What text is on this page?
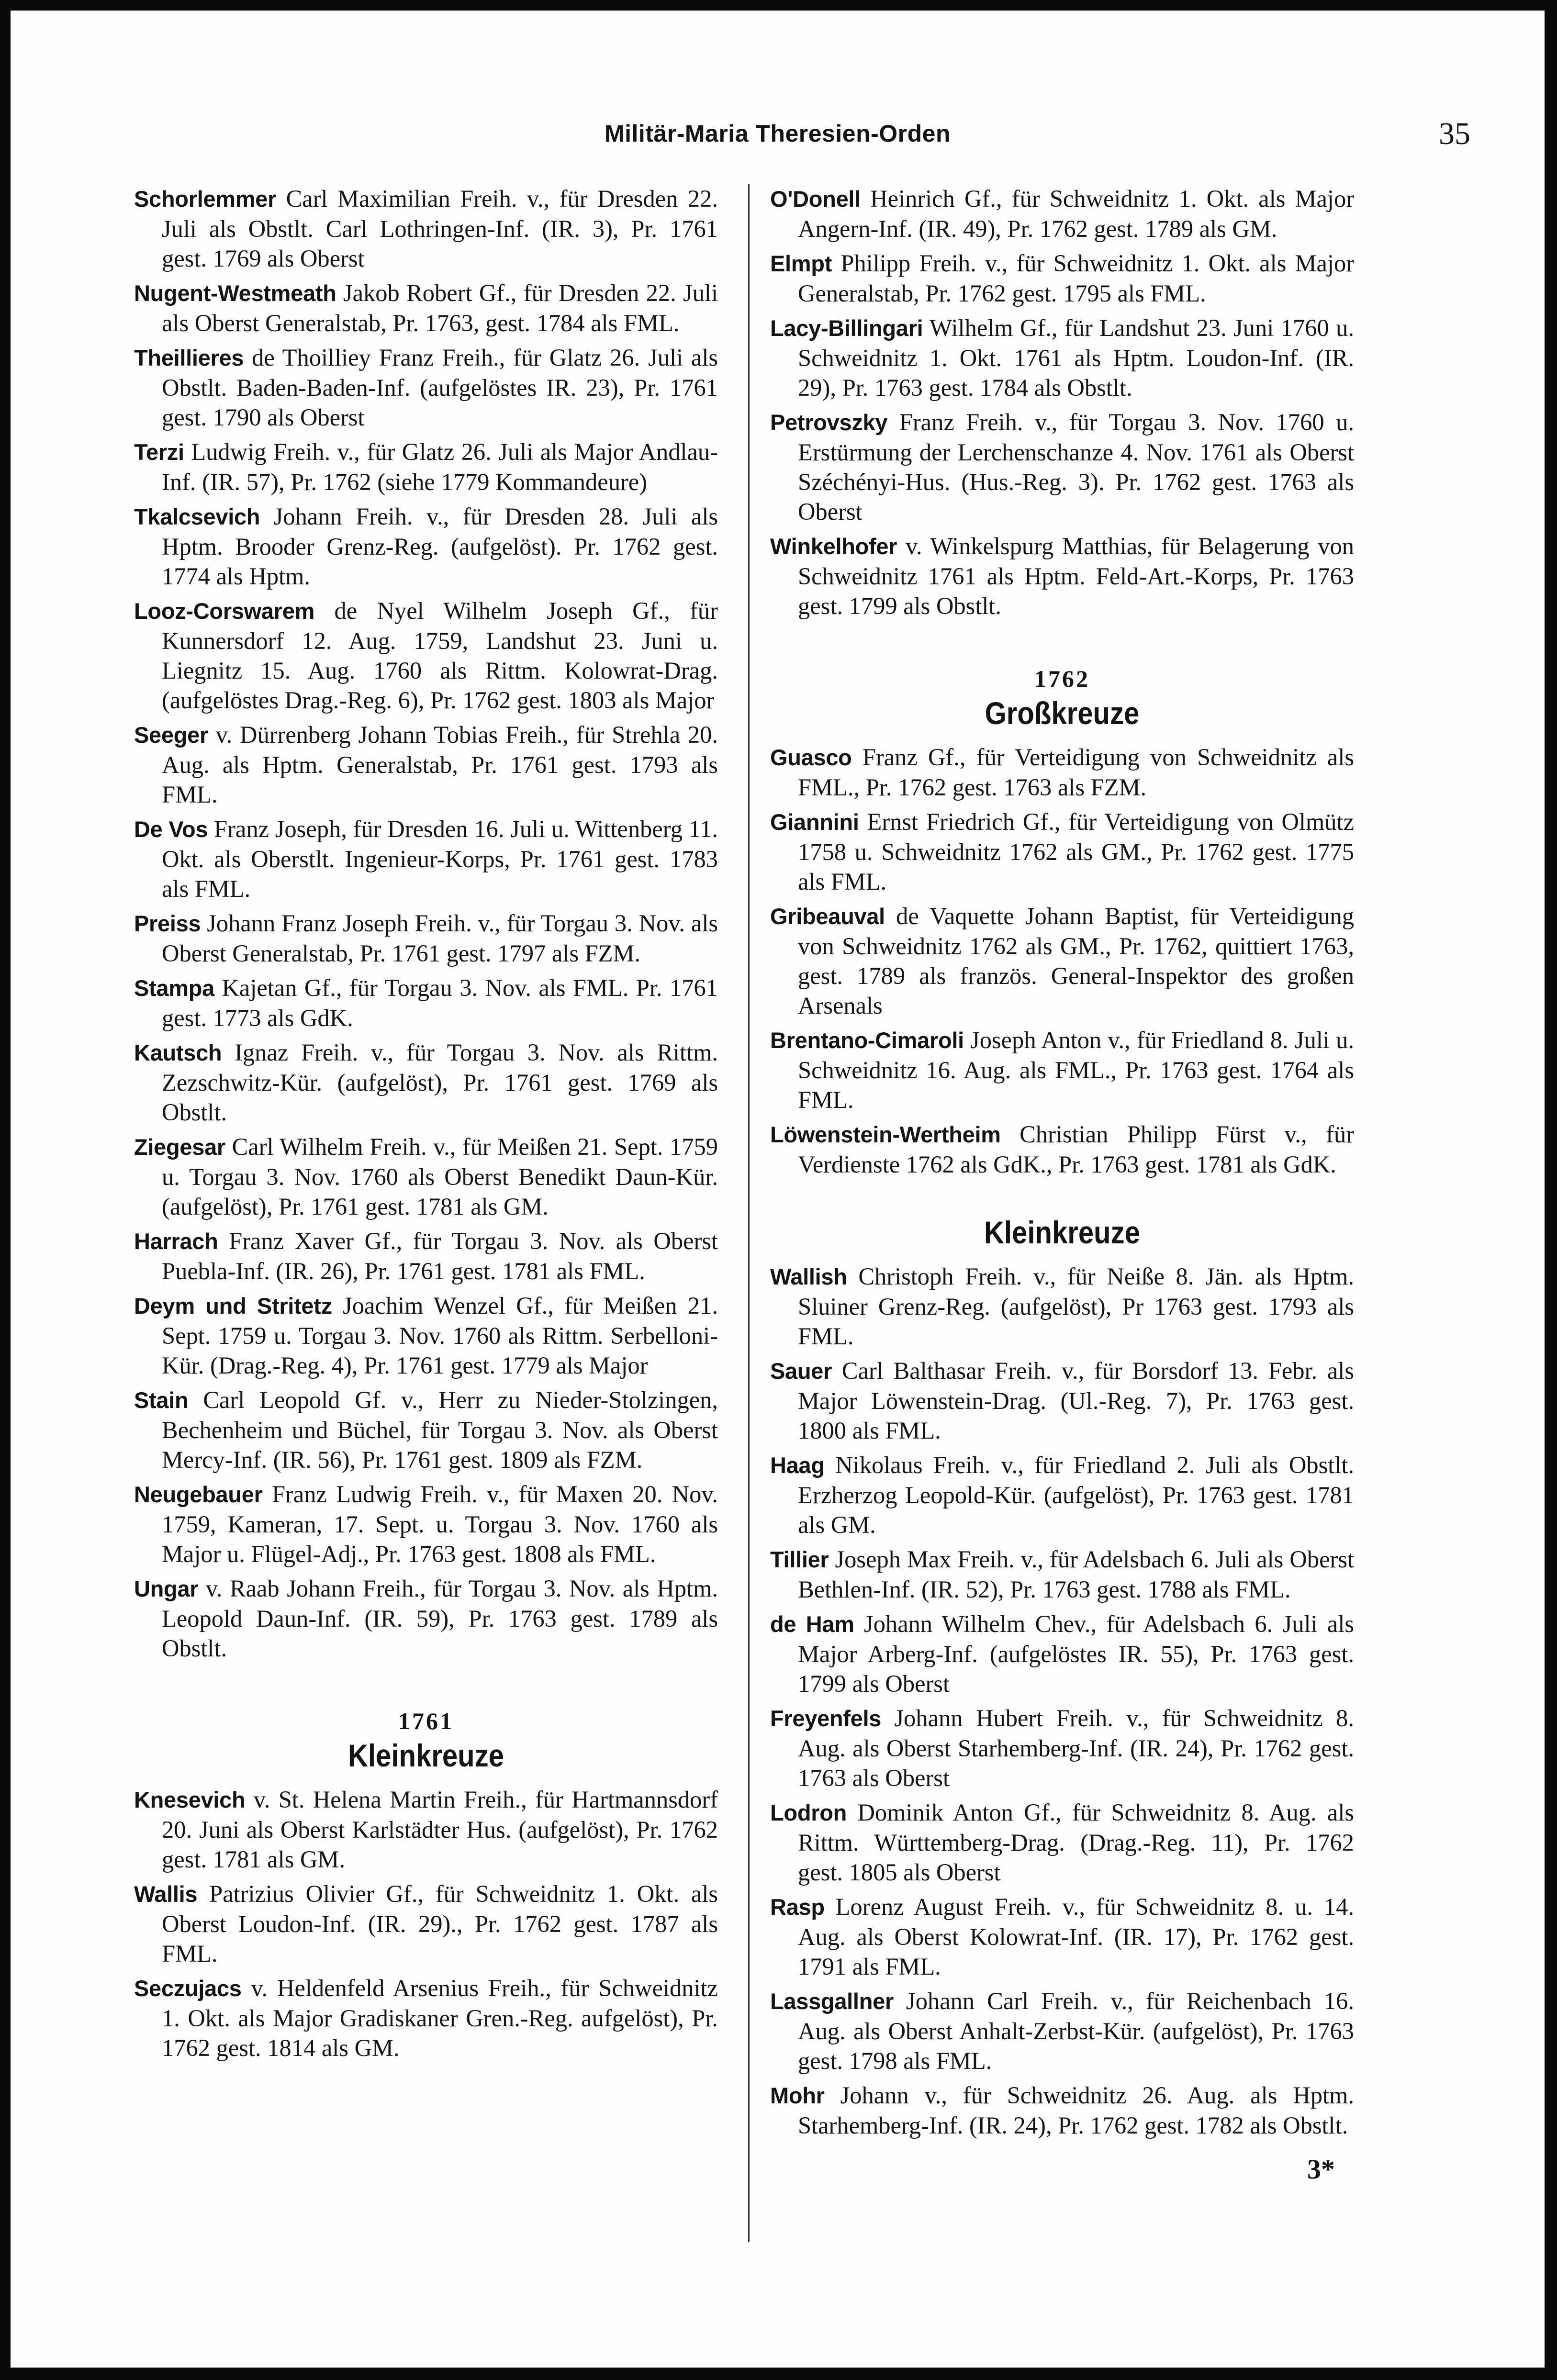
Militär-Maria Theresien-Orden	35

Schorlemmer Carl Maximilian Freih. v., für Dresden 22. Juli als Obstlt. Carl Lothringen-Inf. (IR. 3), Pr. 1761 gest. 1769 als Oberst

Nugent-Westmeath Jakob Robert Gf., für Dresden 22. Juli als Oberst Generalstab, Pr. 1763, gest. 1784 als FML.

Theillieres de Thoilliey Franz Freih., für Glatz 26. Juli als Obstlt. Baden-Baden-Inf. (aufgelöstes IR. 23), Pr. 1761 gest. 1790 als Oberst

Terzi Ludwig Freih. v., für Glatz 26. Juli als Major Andlau-Inf. (IR. 57), Pr. 1762 (siehe 1779 Kommandeure)

Tkalcsevich Johann Freih. v., für Dresden 28. Juli als Hptm. Brooder Grenz-Reg. (aufgelöst). Pr. 1762 gest. 1774 als Hptm.

Looz-Corswarem de Nyel Wilhelm Joseph Gf., für Kunnersdorf 12. Aug. 1759, Landshut 23. Juni u. Liegnitz 15. Aug. 1760 als Rittm. Kolowrat-Drag. (aufgelöstes Drag.-Reg. 6), Pr. 1762 gest. 1803 als Major

Seeger v. Dürrenberg Johann Tobias Freih., für Strehla 20. Aug. als Hptm. Generalstab, Pr. 1761 gest. 1793 als FML.

De Vos Franz Joseph, für Dresden 16. Juli u. Wittenberg 11. Okt. als Oberstlt. Ingenieur-Korps, Pr. 1761 gest. 1783 als FML.

Preiss Johann Franz Joseph Freih. v., für Torgau 3. Nov. als Oberst Generalstab, Pr. 1761 gest. 1797 als FZM.

Stampa Kajetan Gf., für Torgau 3. Nov. als FML. Pr. 1761 gest. 1773 als GdK.

Kautsch Ignaz Freih. v., für Torgau 3. Nov. als Rittm. Zezschwitz-Kür. (aufgelöst), Pr. 1761 gest. 1769 als Obstlt.

Ziegesar Carl Wilhelm Freih. v., für Meißen 21. Sept. 1759 u. Torgau 3. Nov. 1760 als Oberst Benedikt Daun-Kür. (aufgelöst), Pr. 1761 gest. 1781 als GM.

Harrach Franz Xaver Gf., für Torgau 3. Nov. als Oberst Puebla-Inf. (IR. 26), Pr. 1761 gest. 1781 als FML.

Deym und Stritetz Joachim Wenzel Gf., für Meißen 21. Sept. 1759 u. Torgau 3. Nov. 1760 als Rittm. Serbelloni-Kür. (Drag.-Reg. 4), Pr. 1761 gest. 1779 als Major

Stain Carl Leopold Gf. v., Herr zu Nieder-Stolzingen, Bechenheim und Büchel, für Torgau 3. Nov. als Oberst Mercy-Inf. (IR. 56), Pr. 1761 gest. 1809 als FZM.

Neugebauer Franz Ludwig Freih. v., für Maxen 20. Nov. 1759, Kameran, 17. Sept. u. Torgau 3. Nov. 1760 als Major u. Flügel-Adj., Pr. 1763 gest. 1808 als FML.

Ungar v. Raab Johann Freih., für Torgau 3. Nov. als Hptm. Leopold Daun-Inf. (IR. 59), Pr. 1763 gest. 1789 als Obstlt.

1761
Kleinkreuze

Knesevich v. St. Helena Martin Freih., für Hartmannsdorf 20. Juni als Oberst Karlstädter Hus. (aufgelöst), Pr. 1762 gest. 1781 als GM.

Wallis Patrizius Olivier Gf., für Schweidnitz 1. Okt. als Oberst Loudon-Inf. (IR. 29)., Pr. 1762 gest. 1787 als FML.

Seczujacs v. Heldenfeld Arsenius Freih., für Schweidnitz 1. Okt. als Major Gradiskaner Gren.-Reg. aufgelöst), Pr. 1762 gest. 1814 als GM.

O'Donell Heinrich Gf., für Schweidnitz 1. Okt. als Major Angern-Inf. (IR. 49), Pr. 1762 gest. 1789 als GM.

Elmpt Philipp Freih. v., für Schweidnitz 1. Okt. als Major Generalstab, Pr. 1762 gest. 1795 als FML.

Lacy-Billingari Wilhelm Gf., für Landshut 23. Juni 1760 u. Schweidnitz 1. Okt. 1761 als Hptm. Loudon-Inf. (IR. 29), Pr. 1763 gest. 1784 als Obstlt.

Petrovszky Franz Freih. v., für Torgau 3. Nov. 1760 u. Erstürmung der Lerchenschanze 4. Nov. 1761 als Oberst Széchényi-Hus. (Hus.-Reg. 3). Pr. 1762 gest. 1763 als Oberst

Winkelhofer v. Winkelspurg Matthias, für Belagerung von Schweidnitz 1761 als Hptm. Feld-Art.-Korps, Pr. 1763 gest. 1799 als Obstlt.

1762
Großkreuze

Guasco Franz Gf., für Verteidigung von Schweidnitz als FML., Pr. 1762 gest. 1763 als FZM.

Giannini Ernst Friedrich Gf., für Verteidigung von Olmütz 1758 u. Schweidnitz 1762 als GM., Pr. 1762 gest. 1775 als FML.

Gribeauval de Vaquette Johann Baptist, für Verteidigung von Schweidnitz 1762 als GM., Pr. 1762, quittiert 1763, gest. 1789 als französ. General-Inspektor des großen Arsenals

Brentano-Cimaroli Joseph Anton v., für Friedland 8. Juli u. Schweidnitz 16. Aug. als FML., Pr. 1763 gest. 1764 als FML.

Löwenstein-Wertheim Christian Philipp Fürst v., für Verdienste 1762 als GdK., Pr. 1763 gest. 1781 als GdK.

Kleinkreuze

Wallish Christoph Freih. v., für Neiße 8. Jän. als Hptm. Sluiner Grenz-Reg. (aufgelöst), Pr 1763 gest. 1793 als FML.

Sauer Carl Balthasar Freih. v., für Borsdorf 13. Febr. als Major Löwenstein-Drag. (Ul.-Reg. 7), Pr. 1763 gest. 1800 als FML.

Haag Nikolaus Freih. v., für Friedland 2. Juli als Obstlt. Erzherzog Leopold-Kür. (aufgelöst), Pr. 1763 gest. 1781 als GM.

Tillier Joseph Max Freih. v., für Adelsbach 6. Juli als Oberst Bethlen-Inf. (IR. 52), Pr. 1763 gest. 1788 als FML.

de Ham Johann Wilhelm Chev., für Adelsbach 6. Juli als Major Arberg-Inf. (aufgelöstes IR. 55), Pr. 1763 gest. 1799 als Oberst

Freyenfels Johann Hubert Freih. v., für Schweidnitz 8. Aug. als Oberst Starhemberg-Inf. (IR. 24), Pr. 1762 gest. 1763 als Oberst

Lodron Dominik Anton Gf., für Schweidnitz 8. Aug. als Rittm. Württemberg-Drag. (Drag.-Reg. 11), Pr. 1762 gest. 1805 als Oberst

Rasp Lorenz August Freih. v., für Schweidnitz 8. u. 14. Aug. als Oberst Kolowrat-Inf. (IR. 17), Pr. 1762 gest. 1791 als FML.

Lassgallner Johann Carl Freih. v., für Reichenbach 16. Aug. als Oberst Anhalt-Zerbst-Kür. (aufgelöst), Pr. 1763 gest. 1798 als FML.

Mohr Johann v., für Schweidnitz 26. Aug. als Hptm. Starhemberg-Inf. (IR. 24), Pr. 1762 gest. 1782 als Obstlt.

3*
